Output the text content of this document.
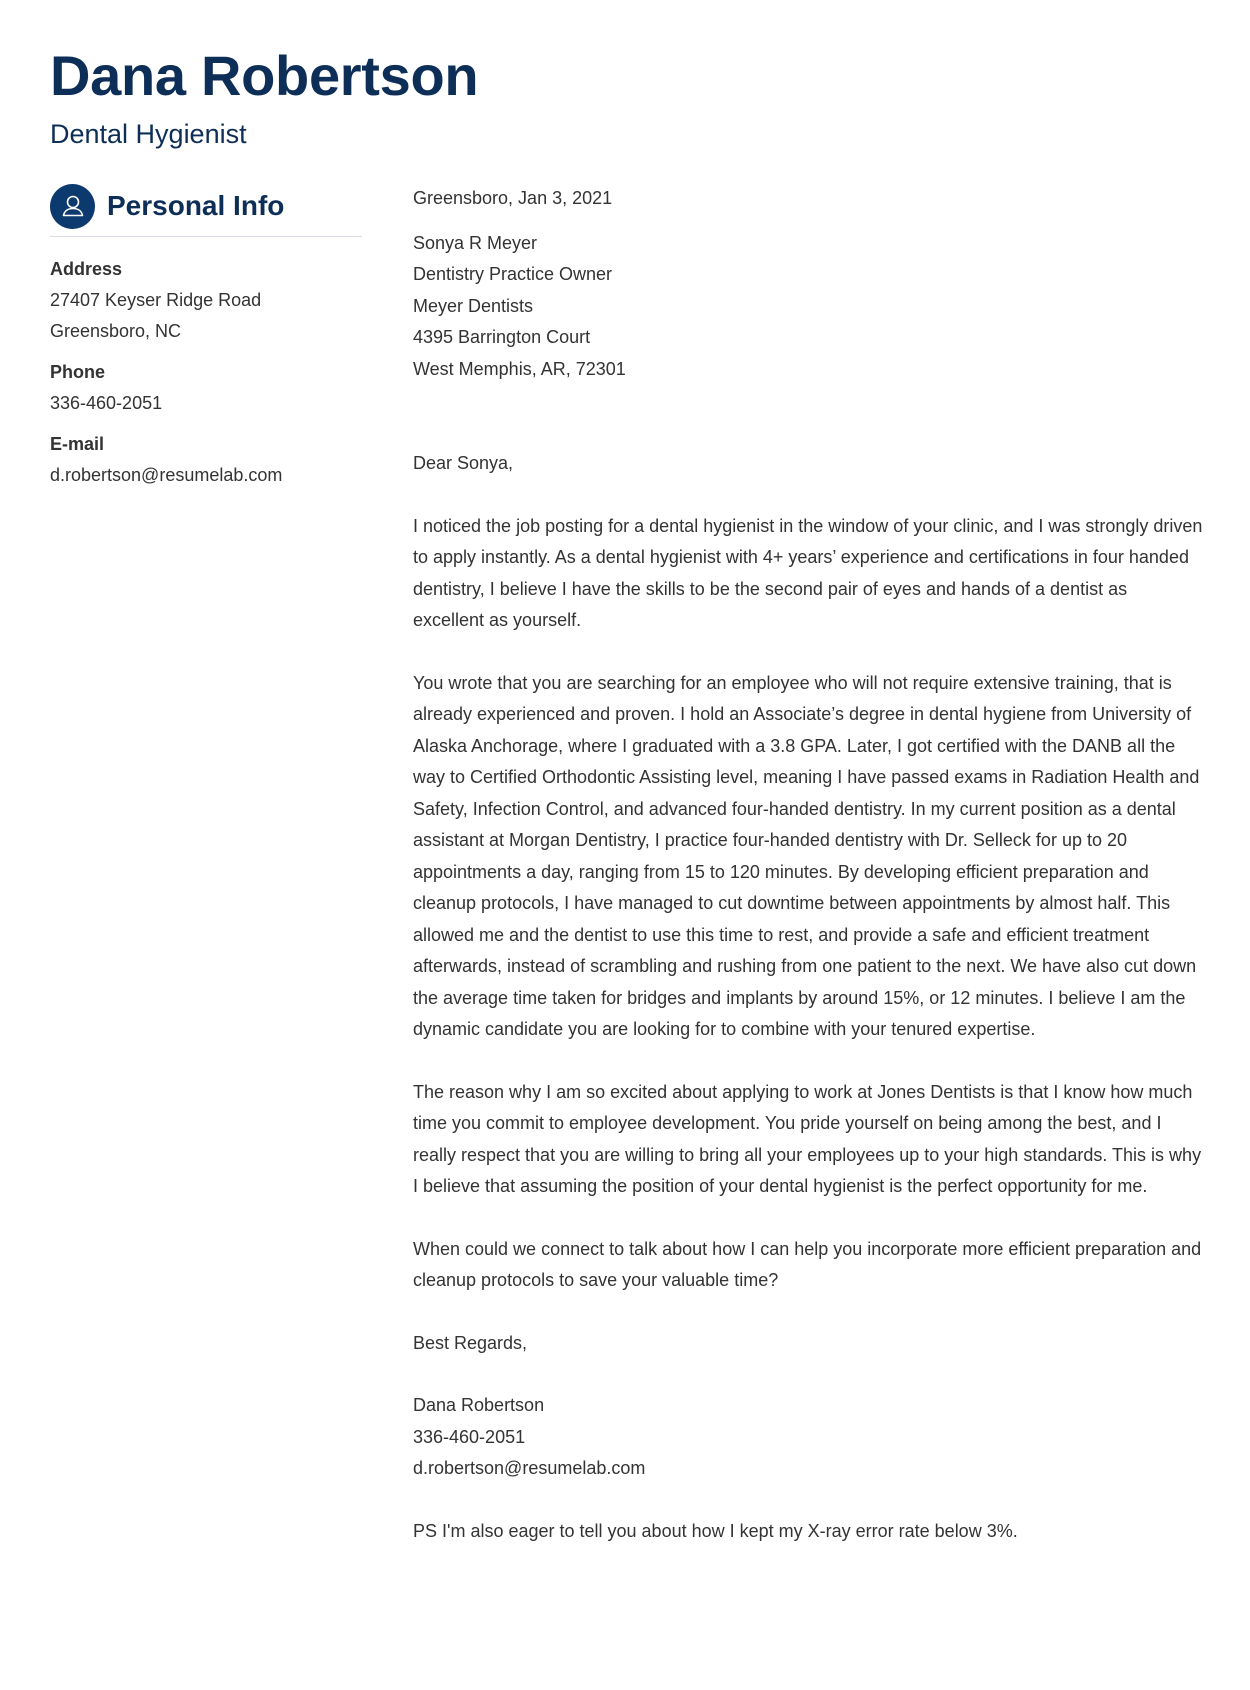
Dana Robertson
Dental Hygienist
Personal Info
Address
27407 Keyser Ridge Road
Greensboro, NC
Phone
336-460-2051
E-mail
d.robertson@resumelab.com

Greensboro, Jan 3, 2021

Sonya R Meyer
Dentistry Practice Owner
Meyer Dentists
4395 Barrington Court
West Memphis, AR, 72301

Dear Sonya,

I noticed the job posting for a dental hygienist in the window of your clinic, and I was strongly driven to apply instantly. As a dental hygienist with 4+ years’ experience and certifications in four handed dentistry, I believe I have the skills to be the second pair of eyes and hands of a dentist as excellent as yourself.

You wrote that you are searching for an employee who will not require extensive training, that is already experienced and proven. I hold an Associate’s degree in dental hygiene from University of Alaska Anchorage, where I graduated with a 3.8 GPA. Later, I got certified with the DANB all the way to Certified Orthodontic Assisting level, meaning I have passed exams in Radiation Health and Safety, Infection Control, and advanced four-handed dentistry. In my current position as a dental assistant at Morgan Dentistry, I practice four-handed dentistry with Dr. Selleck for up to 20 appointments a day, ranging from 15 to 120 minutes. By developing efficient preparation and cleanup protocols, I have managed to cut downtime between appointments by almost half. This allowed me and the dentist to use this time to rest, and provide a safe and efficient treatment afterwards, instead of scrambling and rushing from one patient to the next. We have also cut down the average time taken for bridges and implants by around 15%, or 12 minutes. I believe I am the dynamic candidate you are looking for to combine with your tenured expertise.

The reason why I am so excited about applying to work at Jones Dentists is that I know how much time you commit to employee development. You pride yourself on being among the best, and I really respect that you are willing to bring all your employees up to your high standards. This is why I believe that assuming the position of your dental hygienist is the perfect opportunity for me.

When could we connect to talk about how I can help you incorporate more efficient preparation and cleanup protocols to save your valuable time?

Best Regards,

Dana Robertson
336-460-2051
d.robertson@resumelab.com

PS I'm also eager to tell you about how I kept my X-ray error rate below 3%.
